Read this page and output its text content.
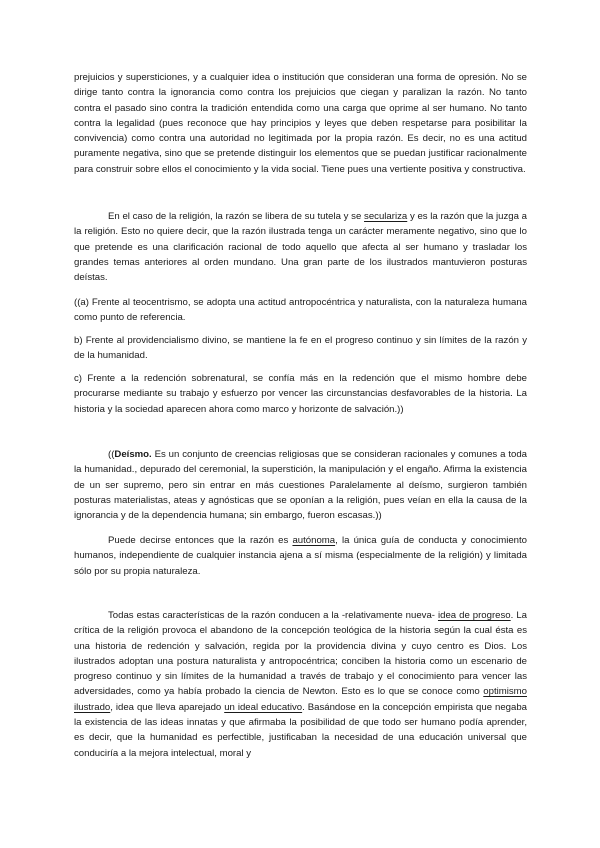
prejuicios y supersticiones, y a cualquier idea o institución que consideran una forma de opresión. No se dirige tanto contra la ignorancia como contra los prejuicios que ciegan y paralizan la razón. No tanto contra el pasado sino contra la tradición entendida como una carga que oprime al ser humano. No tanto contra la legalidad (pues reconoce que hay principios y leyes que deben respetarse para posibilitar la convivencia) como contra una autoridad no legitimada por la propia razón. Es decir, no es una actitud puramente negativa, sino que se pretende distinguir los elementos que se puedan justificar racionalmente para construir sobre ellos el conocimiento y la vida social. Tiene pues una vertiente positiva y constructiva.

En el caso de la religión, la razón se libera de su tutela y se seculariza y es la razón que la juzga a la religión. Esto no quiere decir, que la razón ilustrada tenga un carácter meramente negativo, sino que lo que pretende es una clarificación racional de todo aquello que afecta al ser humano y trasladar los grandes temas anteriores al orden mundano. Una gran parte de los ilustrados mantuvieron posturas deístas.

((a) Frente al teocentrismo, se adopta una actitud antropocéntrica y naturalista, con la naturaleza humana como punto de referencia.

b) Frente al providencialismo divino, se mantiene la fe en el progreso continuo y sin límites de la razón y de la humanidad.

c) Frente a la redención sobrenatural, se confía más en la redención que el mismo hombre debe procurarse mediante su trabajo y esfuerzo por vencer las circunstancias desfavorables de la historia. La historia y la sociedad aparecen ahora como marco y horizonte de salvación.))

((Deísmo. Es un conjunto de creencias religiosas que se consideran racionales y comunes a toda la humanidad., depurado del ceremonial, la superstición, la manipulación y el engaño. Afirma la existencia de un ser supremo, pero sin entrar en más cuestiones Paralelamente al deísmo, surgieron también posturas materialistas, ateas y agnósticas que se oponían a la religión, pues veían en ella la causa de la ignorancia y de la dependencia humana; sin embargo, fueron escasas.))

Puede decirse entonces que la razón es autónoma, la única guía de conducta y conocimiento humanos, independiente de cualquier instancia ajena a sí misma (especialmente de la religión) y limitada sólo por su propia naturaleza.

Todas estas características de la razón conducen a la -relativamente nueva- idea de progreso. La crítica de la religión provoca el abandono de la concepción teológica de la historia según la cual ésta es una historia de redención y salvación, regida por la providencia divina y cuyo centro es Dios. Los ilustrados adoptan una postura naturalista y antropocéntrica; conciben la historia como un escenario de progreso continuo y sin límites de la humanidad a través de trabajo y el conocimiento para vencer las adversidades, como ya había probado la ciencia de Newton. Esto es lo que se conoce como optimismo ilustrado, idea que lleva aparejado un ideal educativo. Basándose en la concepción empirista que negaba la existencia de las ideas innatas y que afirmaba la posibilidad de que todo ser humano podía aprender, es decir, que la humanidad es perfectible, justificaban la necesidad de una educación universal que conduciría a la mejora intelectual, moral y
